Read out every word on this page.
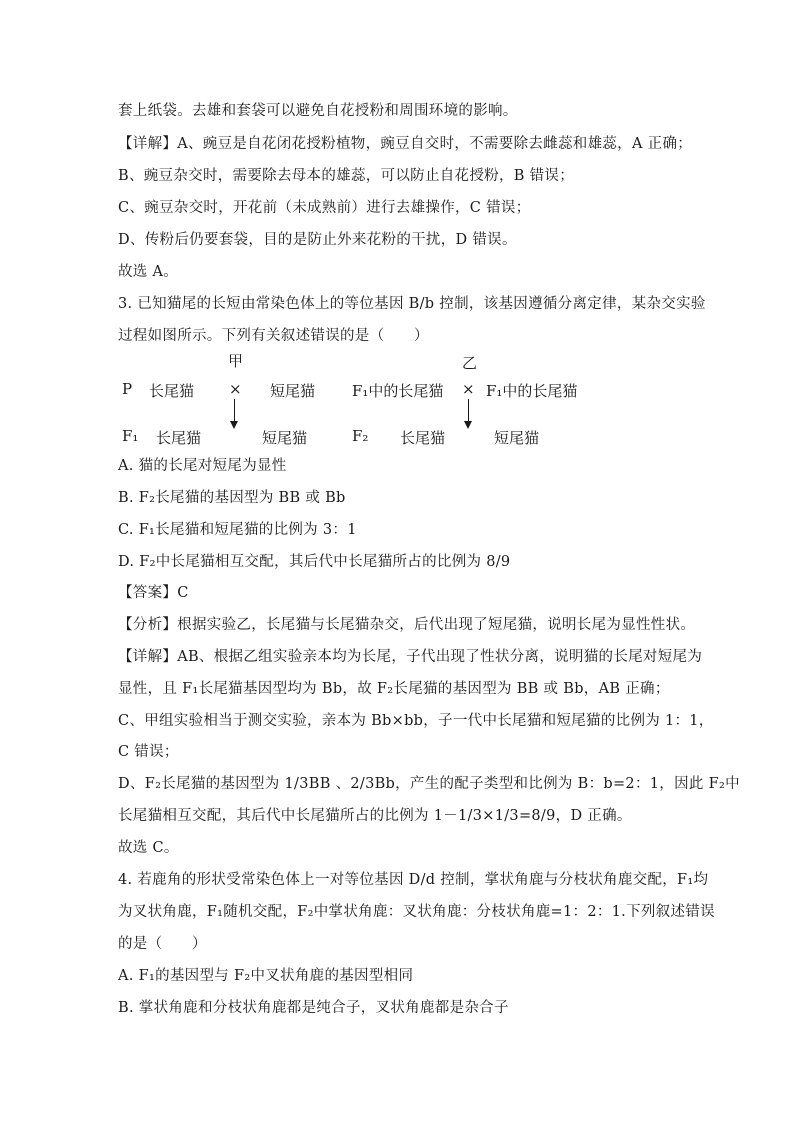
套上纸袋。去雄和套袋可以避免自花授粉和周围环境的影响。
【详解】A、豌豆是自花闭花授粉植物，豌豆自交时，不需要除去雌蕊和雄蕊，A 正确；
B、豌豆杂交时，需要除去母本的雄蕊，可以防止自花授粉，B 错误；
C、豌豆杂交时，开花前（未成熟前）进行去雄操作，C 错误；
D、传粉后仍要套袋，目的是防止外来花粉的干扰，D 错误。
故选 A。
3. 已知猫尾的长短由常染色体上的等位基因 B/b 控制，该基因遵循分离定律，某杂交实验
过程如图所示。下列有关叙述错误的是（　　）
甲	乙
P 长尾猫 × 短尾猫 F₁中的长尾猫 × F₁中的长尾猫
F₁ 长尾猫	短尾猫	F₂ 长尾猫	短尾猫
A. 猫的长尾对短尾为显性
B. F₂长尾猫的基因型为 BB 或 Bb
C. F₁长尾猫和短尾猫的比例为 3：1
D. F₂中长尾猫相互交配，其后代中长尾猫所占的比例为 8/9
【答案】C
【分析】根据实验乙，长尾猫与长尾猫杂交，后代出现了短尾猫，说明长尾为显性性状。
【详解】AB、根据乙组实验亲本均为长尾，子代出现了性状分离，说明猫的长尾对短尾为
显性，且 F₁长尾猫基因型均为 Bb，故 F₂长尾猫的基因型为 BB 或 Bb，AB 正确；
C、甲组实验相当于测交实验，亲本为 Bb×bb，子一代中长尾猫和短尾猫的比例为 1：1，
C 错误；
D、F₂长尾猫的基因型为 1/3BB 、2/3Bb，产生的配子类型和比例为 B：b=2：1，因此 F₂中
长尾猫相互交配，其后代中长尾猫所占的比例为 1－1/3×1/3=8/9，D 正确。
故选 C。
4. 若鹿角的形状受常染色体上一对等位基因 D/d 控制，掌状角鹿与分枝状角鹿交配，F₁均
为叉状角鹿，F₁随机交配，F₂中掌状角鹿：叉状角鹿：分枝状角鹿=1：2：1.下列叙述错误
的是（　　）
A. F₁的基因型与 F₂中叉状角鹿的基因型相同
B. 掌状角鹿和分枝状角鹿都是纯合子，叉状角鹿都是杂合子
